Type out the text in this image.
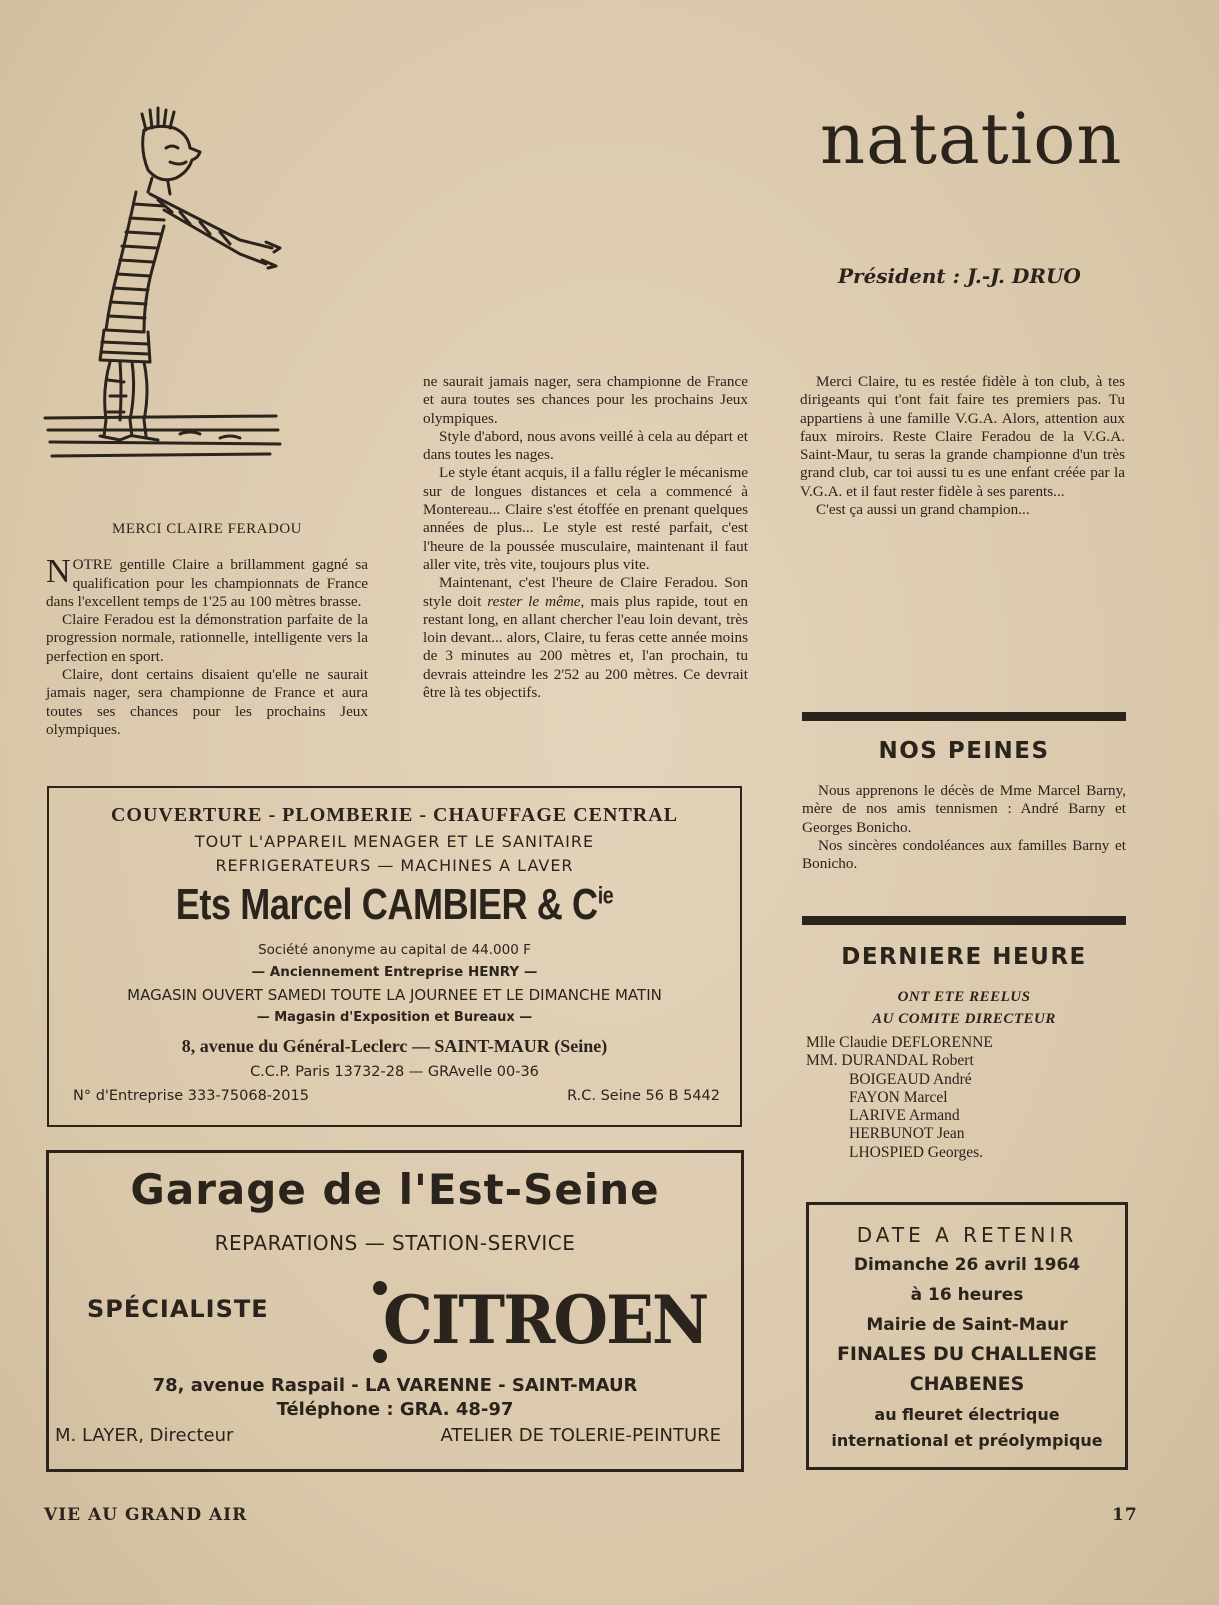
natation
Président : J.-J. DRUO
MERCI CLAIRE FERADOU

NOTRE gentille Claire a brillamment gagné sa qualification pour les championnats de France dans l'excellent temps de 1'25 au 100 mètres brasse.

Claire Feradou est la démonstration parfaite de la progression normale, rationnelle, intelligente vers la perfection en sport.

Claire, dont certains disaient qu'elle ne saurait jamais nager, sera championne de France et aura toutes ses chances pour les prochains Jeux olympiques.

ne saurait jamais nager, sera championne de France et aura toutes ses chances pour les prochains Jeux olympiques.

Style d'abord, nous avons veillé à cela au départ et dans toutes les nages.

Le style étant acquis, il a fallu régler le mécanisme sur de longues distances et cela a commencé à Montereau... Claire s'est étoffée en prenant quelques années de plus... Le style est resté parfait, c'est l'heure de la poussée musculaire, maintenant il faut aller vite, très vite, toujours plus vite.

Maintenant, c'est l'heure de Claire Feradou. Son style doit rester le même, mais plus rapide, tout en restant long, en allant chercher l'eau loin devant, très loin devant... alors, Claire, tu feras cette année moins de 3 minutes au 200 mètres et, l'an prochain, tu devrais atteindre les 2'52 au 200 mètres. Ce devrait être là tes objectifs.

Merci Claire, tu es restée fidèle à ton club, à tes dirigeants qui t'ont fait faire tes premiers pas. Tu appartiens à une famille V.G.A. Alors, attention aux faux miroirs. Reste Claire Feradou de la V.G.A. Saint-Maur, tu seras la grande championne d'un très grand club, car toi aussi tu es une enfant créée par la V.G.A. et il faut rester fidèle à ses parents...

C'est ça aussi un grand champion...

NOS PEINES

Nous apprenons le décès de Mme Marcel Barny, mère de nos amis tennismen : André Barny et Georges Bonicho.

Nos sincères condoléances aux familles Barny et Bonicho.

DERNIERE HEURE
ONT ETE REELUS
AU COMITE DIRECTEUR
Mlle Claudie DEFLORENNE
MM. DURANDAL Robert
BOIGEAUD André
FAYON Marcel
LARIVE Armand
HERBUNOT Jean
LHOSPIED Georges.
COUVERTURE - PLOMBERIE - CHAUFFAGE CENTRAL
TOUT L'APPAREIL MENAGER ET LE SANITAIRE
REFRIGERATEURS — MACHINES A LAVER
Ets Marcel CAMBIER & $C^{ie}$
Société anonyme au capital de 44.000 F
— Anciennement Entreprise HENRY —
MAGASIN OUVERT SAMEDI TOUTE LA JOURNEE ET LE DIMANCHE MATIN
— Magasin d'Exposition et Bureaux —
8, avenue du Général-Leclerc — SAINT-MAUR (Seine)
C.C.P. Paris 13732-28 — GRAvelle 00-36
N° d'Entreprise 333-75068-2015	R.C. Seine 56 B 5442
Garage de l'Est-Seine
REPARATIONS — STATION-SERVICE
SPÉCIALISTE CITROEN
78, avenue Raspail - LA VARENNE - SAINT-MAUR
Téléphone : GRA. 48-97
M. LAYER, Directeur	ATELIER DE TOLERIE-PEINTURE
DATE A RETENIR
Dimanche 26 avril 1964
à 16 heures
Mairie de Saint-Maur
FINALES DU CHALLENGE
CHABENES
au fleuret électrique
international et préolympique
VIE AU GRAND AIR	17
